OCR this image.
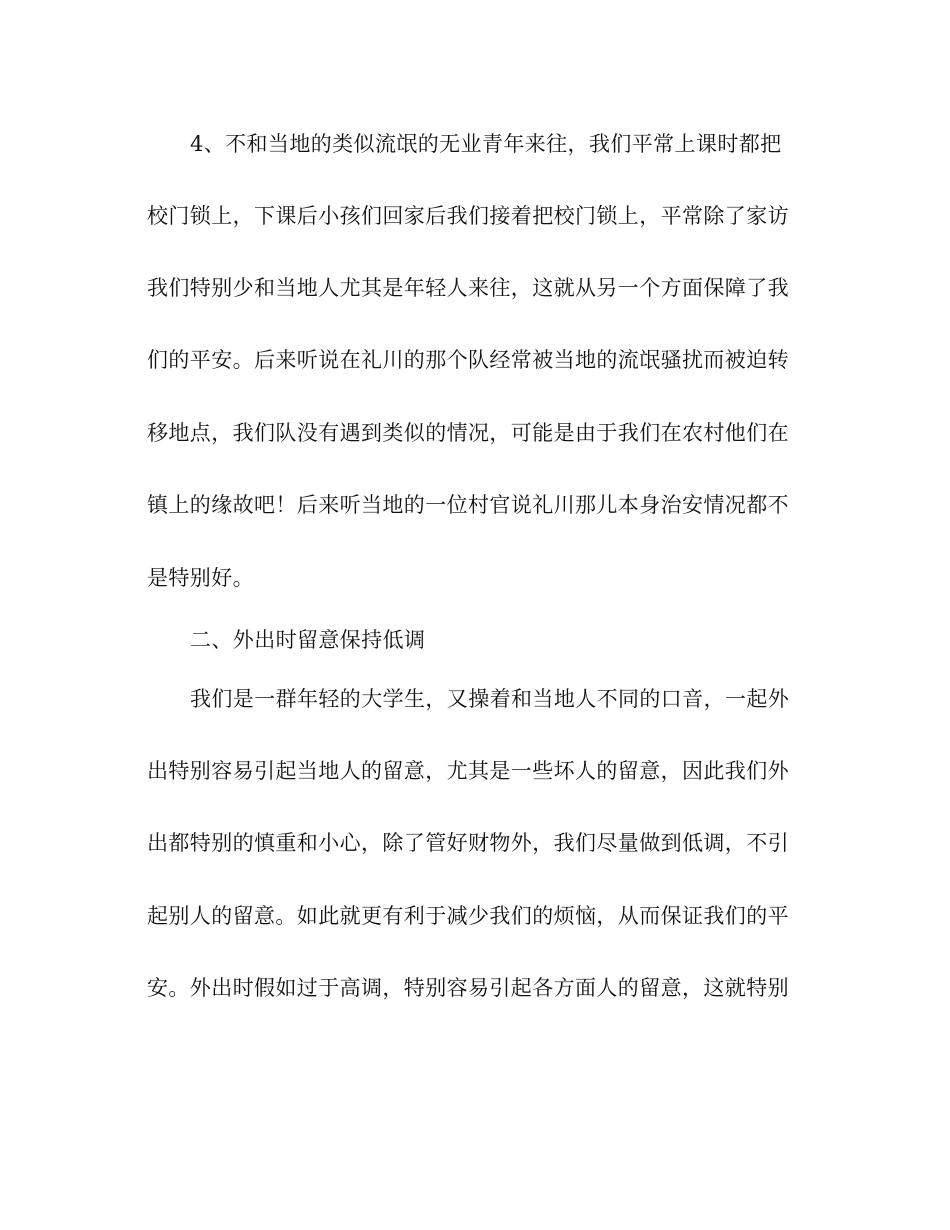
4、不和当地的类似流氓的无业青年来往，我们平常上课时都把
校门锁上，下课后小孩们回家后我们接着把校门锁上，平常除了家访
我们特别少和当地人尤其是年轻人来往，这就从另一个方面保障了我
们的平安。后来听说在礼川的那个队经常被当地的流氓骚扰而被迫转
移地点，我们队没有遇到类似的情况，可能是由于我们在农村他们在
镇上的缘故吧！后来听当地的一位村官说礼川那儿本身治安情况都不
是特别好。
二、外出时留意保持低调
我们是一群年轻的大学生，又操着和当地人不同的口音，一起外
出特别容易引起当地人的留意，尤其是一些坏人的留意，因此我们外
出都特别的慎重和小心，除了管好财物外，我们尽量做到低调，不引
起别人的留意。如此就更有利于减少我们的烦恼，从而保证我们的平
安。外出时假如过于高调，特别容易引起各方面人的留意，这就特别
